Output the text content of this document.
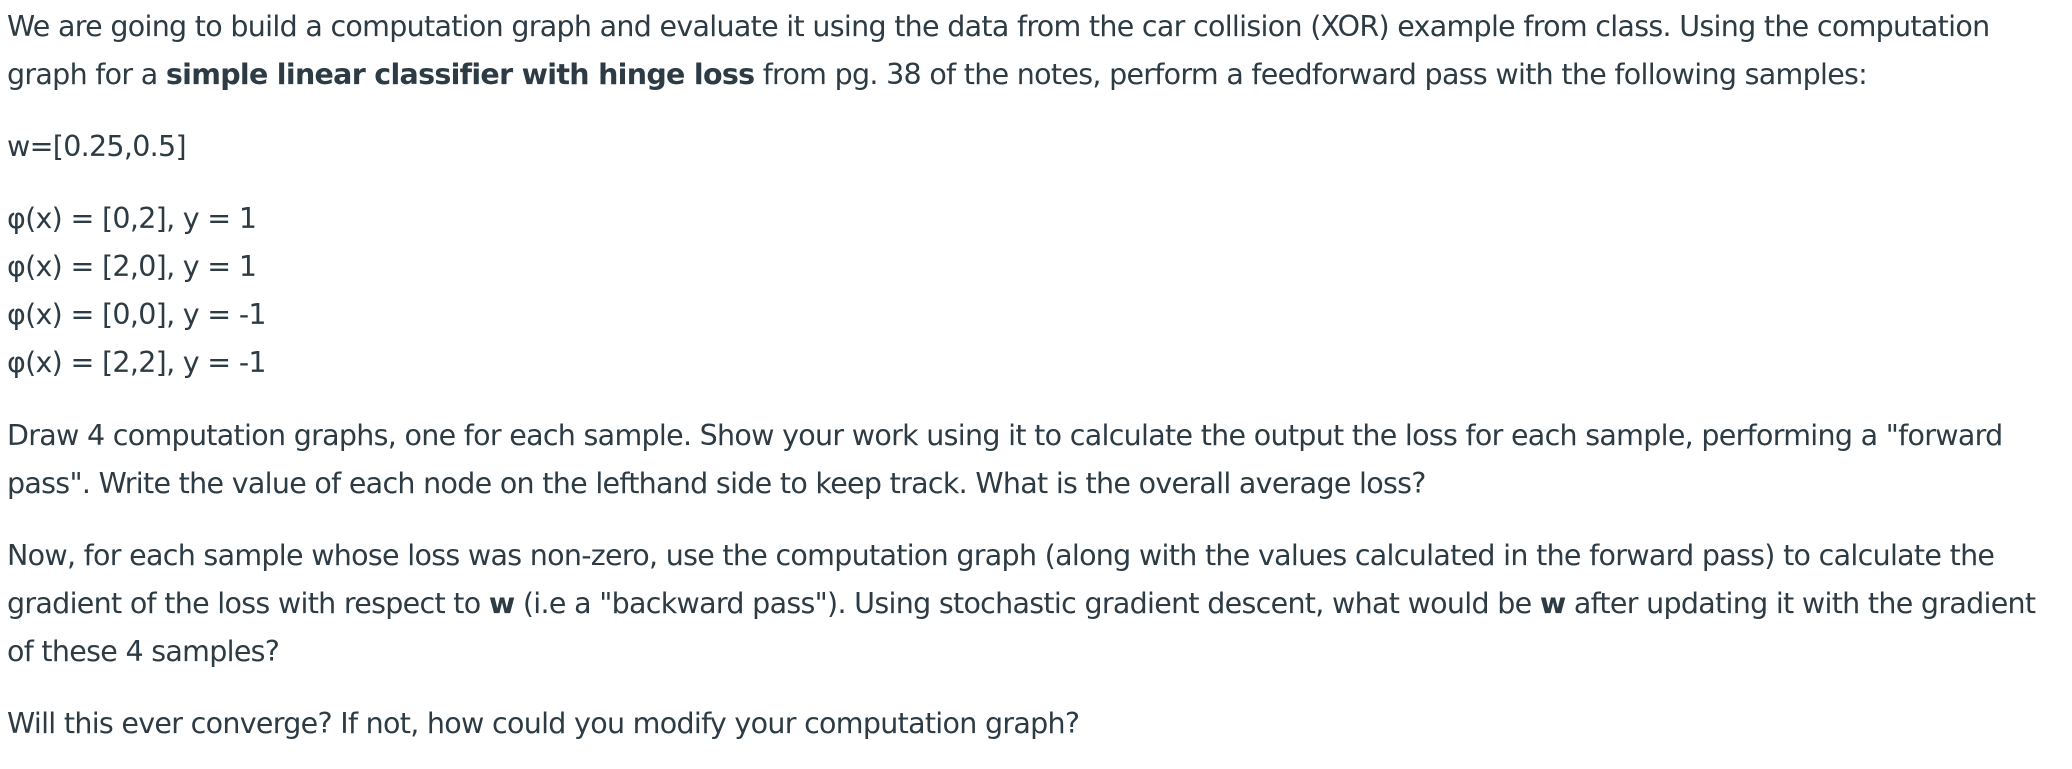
We are going to build a computation graph and evaluate it using the data from the car collision (XOR) example from class. Using the computation
graph for a simple linear classifier with hinge loss from pg. 38 of the notes, perform a feedforward pass with the following samples:

w=[0.25,0.5]

φ(x) = [0,2], y = 1
φ(x) = [2,0], y = 1
φ(x) = [0,0], y = -1
φ(x) = [2,2], y = -1

Draw 4 computation graphs, one for each sample. Show your work using it to calculate the output the loss for each sample, performing a "forward
pass". Write the value of each node on the lefthand side to keep track. What is the overall average loss?

Now, for each sample whose loss was non-zero, use the computation graph (along with the values calculated in the forward pass) to calculate the
gradient of the loss with respect to w (i.e a "backward pass"). Using stochastic gradient descent, what would be w after updating it with the gradient
of these 4 samples?

Will this ever converge? If not, how could you modify your computation graph?
